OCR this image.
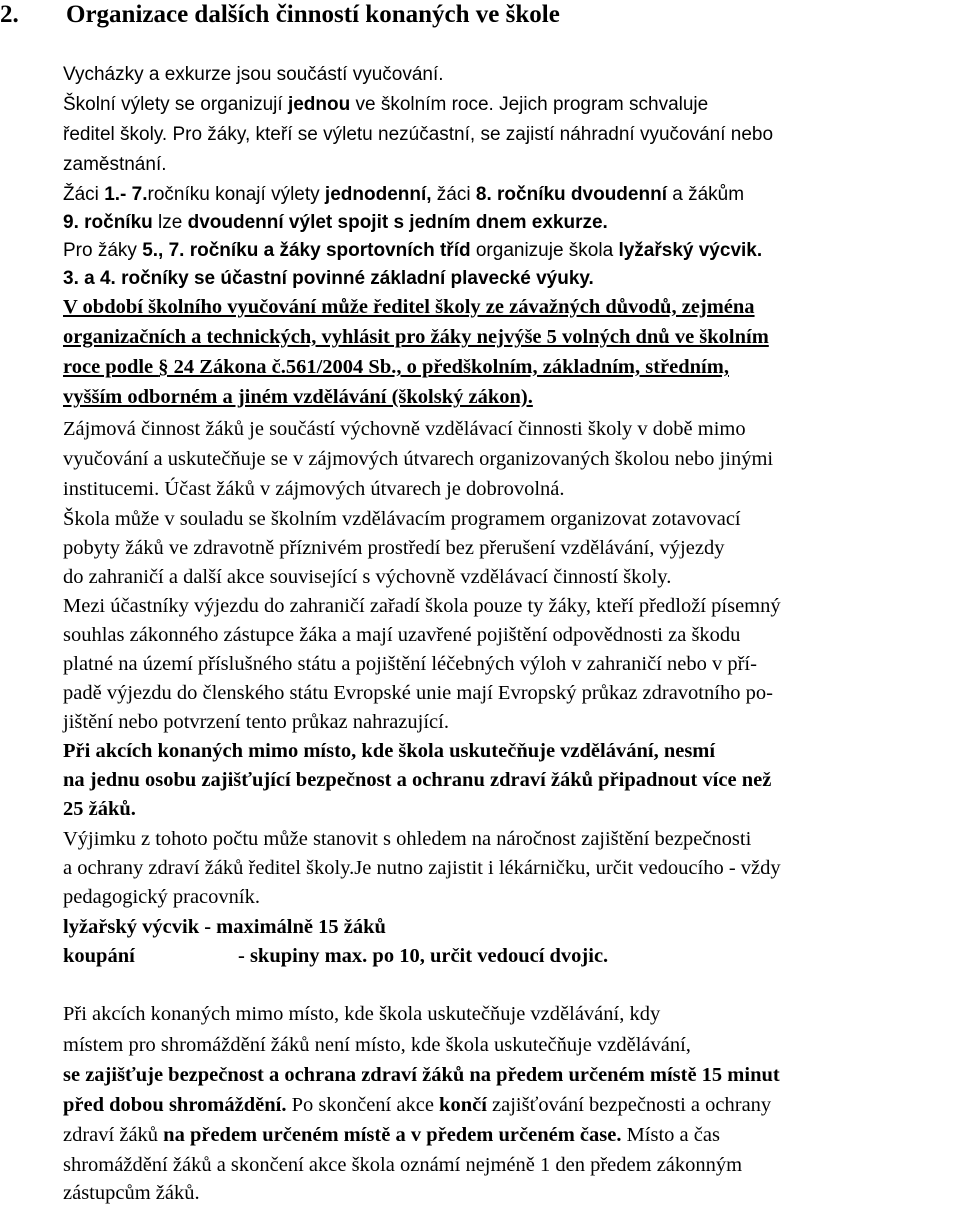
2. Organizace dalších činností konaných ve škole

Vycházky a exkurze jsou součástí vyučování.

Školní výlety se organizují jednou ve školním roce. Jejich program schvaluje

ředitel školy. Pro žáky, kteří se výletu nezúčastní, se zajistí náhradní vyučování nebo

zaměstnání.

Žáci 1.- 7.ročníku konají výlety jednodenní, žáci 8. ročníku dvoudenní a žákům

9. ročníku lze dvoudenní výlet spojit s jedním dnem exkurze.

Pro žáky 5., 7. ročníku a žáky sportovních tříd organizuje škola lyžařský výcvik.

3. a 4. ročníky se účastní povinné základní plavecké výuky.

V období školního vyučování může ředitel školy ze závažných důvodů, zejména

organizačních a technických, vyhlásit pro žáky nejvýše 5 volných dnů ve školním

roce podle § 24 Zákona č.561/2004 Sb., o předškolním, základním, středním,

vyšším odborném a jiném vzdělávání (školský zákon).

Zájmová činnost žáků je součástí výchovně vzdělávací činnosti školy v době mimo

vyučování a uskutečňuje se v zájmových útvarech organizovaných školou nebo jinými

institucemi. Účast žáků v zájmových útvarech je dobrovolná.

Škola může v souladu se školním vzdělávacím programem organizovat zotavovací

pobyty žáků ve zdravotně příznivém prostředí bez přerušení vzdělávání, výjezdy

do zahraničí a další akce související s výchovně vzdělávací činností školy.

Mezi účastníky výjezdu do zahraničí zařadí škola pouze ty žáky, kteří předloží písemný

souhlas zákonného zástupce žáka a mají uzavřené pojištění odpovědnosti za škodu

platné na území příslušného státu a pojištění léčebných výloh v zahraničí nebo v pří-

padě výjezdu do členského státu Evropské unie mají Evropský průkaz zdravotního po-

jištění nebo potvrzení tento průkaz nahrazující.

Při akcích konaných mimo místo, kde škola uskutečňuje vzdělávání, nesmí

na jednu osobu zajišťující bezpečnost a ochranu zdraví žáků připadnout více než

25 žáků.

Výjimku z tohoto počtu může stanovit s ohledem na náročnost zajištění bezpečnosti

a ochrany zdraví žáků ředitel školy.Je nutno zajistit i lékárničku, určit vedoucího - vždy

pedagogický pracovník.

lyžařský výcvik - maximálně 15 žáků

koupání	- skupiny max. po 10, určit vedoucí dvojic.

Při akcích konaných mimo místo, kde škola uskutečňuje vzdělávání, kdy

místem pro shromáždění žáků není místo, kde škola uskutečňuje vzdělávání,

se zajišťuje bezpečnost a ochrana zdraví žáků na předem určeném místě 15 minut

před dobou shromáždění. Po skončení akce končí zajišťování bezpečnosti a ochrany

zdraví žáků na předem určeném místě a v předem určeném čase. Místo a čas

shromáždění žáků a skončení akce škola oznámí nejméně 1 den předem zákonným

zástupcům žáků.
